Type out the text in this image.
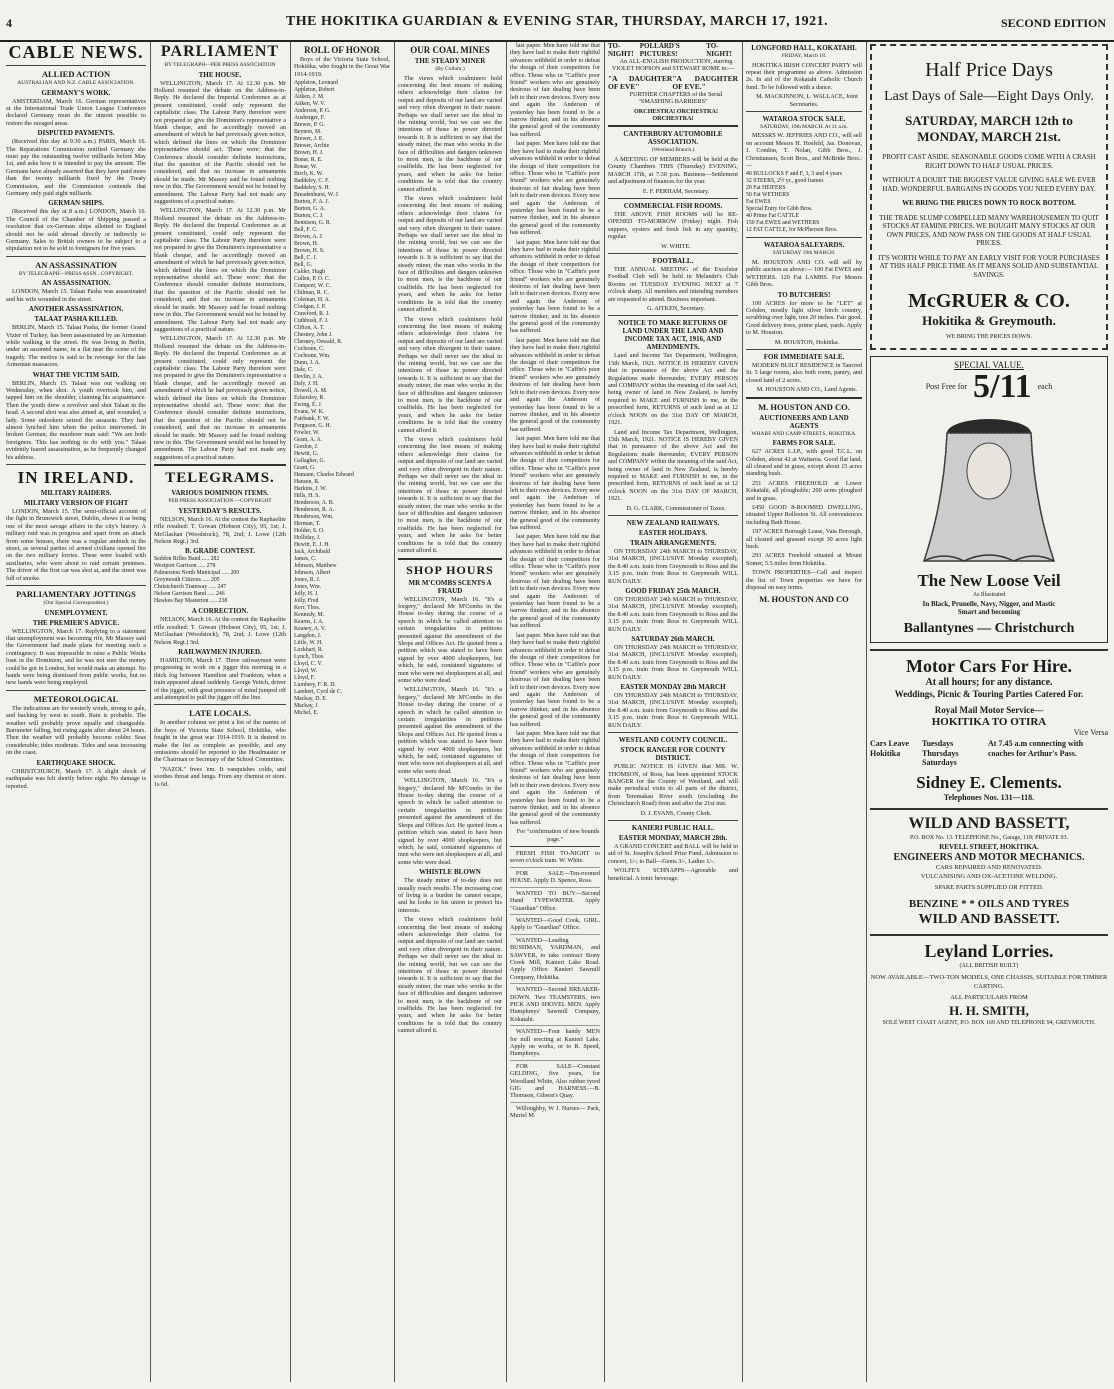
4	THE HOKITIKA GUARDIAN & EVENING STAR, THURSDAY, MARCH 17, 1921.	SECOND EDITION
CABLE NEWS.
ALLIED ACTION
AUSTRALIAN AND N.Z. CABLE ASSOCIATION.
GERMANY'S WORK.

AMSTERDAM, March 16. German representatives at the International Trade Union League Conference declared Germany must do the utmost possible to restore the ravaged areas.

DISPUTED PAYMENTS.

(Received this day at 9.30 a.m.) PARIS, March 16. The Reparations Commission notified Germany she must pay the outstanding twelve milliards before May 1st, and asks how it is intended to pay the amount. The Germans have already asserted that they have paid more than the twenty milliards fixed by the Treaty Commission, and the Commission contends that Germany only paid eight milliards.

GERMAN SHIPS.

(Received this day at 8 a.m.) LONDON, March 16. The Council of the Chamber of Shipping passed a resolution that ex-German ships allotted to England should not be sold abroad directly or indirectly to Germany. Sales to British owners to be subject to a stipulation not to be sold to foreigners for five years.

AN ASSASSINATION
BY TELEGRAPH—PRESS ASSN.. COPYRIGHT.
AN ASSASSINATION.

LONDON, March 15. Talaat Pasha was assassinated and his wife wounded in the street.

ANOTHER ASSASSINATION.
TALAAT PASHA KILLED.

BERLIN, March 15. Talaat Pasha, the former Grand Vizier of Turkey, has been assassinated by an Armenian while walking in the street. He was living in Berlin, under an assumed name, in a flat near the scene of the tragedy. The motive is said to be revenge for the late Armenian massacres.

WHAT THE VICTIM SAID.

BERLIN, March 15. Talaat was out walking on Wednesday, when shot. A youth overtook him, and tapped him on the shoulder, claiming his acquaintance. Then the youth drew a revolver and shot Talaat in the head. A second shot was also aimed at, and wounded, a lady. Some onlookers seized the assassin. They had almost lynched him when the police intervened. In broken German, the murderer man said: "We are both foreigners. This has nothing to do with you." Talaat evidently feared assassination, as he frequently changed his address.

IN IRELAND.
MILITARY RAIDERS.
MILITARY VERSION OF FIGHT

LONDON, March 15. The semi-official account of the fight in Brunswick street, Dublin, shows it as being one of the most savage affairs in the city's history. A military raid was in progress and apart from an attack from some houses, there was a regular ambush in the street, as several parties of armed civilians opened fire on the two military lorries. These were loaded with auxiliaries, who were about to raid certain premises. The driver of the first car was shot at, and the street was full of smoke.

PARLIAMENTARY JOTTINGS
(Our Special Correspondent.)
UNEMPLOYMENT.
THE PREMIER'S ADVICE.

WELLINGTON, March 17. Replying to a statement that unemployment was becoming rife, Mr Massey said the Government had made plans for meeting such a contingency. It was impossible to raise a Public Works loan in the Dominion, and he was not sure the money could be got in London, but would make an attempt. No hands were being dismissed from public works, but no new hands were being employed.

METEOROLOGICAL

The indications are for westerly winds, strong to gale, and backing by west to south. Rain is probable. The weather will probably prove squally and changeable. Barometer falling, but rising again after about 24 hours. Then the weather will probably become colder. Seas considerable; tides moderate. Tides and seas increasing on the coast.

EARTHQUAKE SHOCK.

CHRISTCHURCH, March 17. A slight shock of earthquake was felt shortly before eight. No damage is reported.

PARLIAMENT
BY TELEGRAPH—PER PRESS ASSOCIATION
THE HOUSE.

WELLINGTON, March 17. At 12.30 p.m. Mr Holland resumed the debate on the Address-in-Reply. He declared the Imperial Conference as at present constituted, could only represent the capitalistic class. The Labour Party therefore were not prepared to give the Dominion's representative a blank cheque, and he accordingly moved an amendment of which he had previously given notice, which defined the lines on which the Dominion representative should act. These were: that the Conference should consider definite instructions, that the question of the Pacific should not be considered, and that no increase in armaments should be made. Mr Massey said he found nothing new in this. The Government would not be bound by amendment. The Labour Party had not made any suggestions of a practical nature.

WELLINGTON, March 17. At 12.30 p.m. Mr Holland resumed the debate on the Address-in-Reply. He declared the Imperial Conference as at present constituted, could only represent the capitalistic class. The Labour Party therefore were not prepared to give the Dominion's representative a blank cheque, and he accordingly moved an amendment of which he had previously given notice, which defined the lines on which the Dominion representative should act. These were: that the Conference should consider definite instructions, that the question of the Pacific should not be considered, and that no increase in armaments should be made. Mr Massey said he found nothing new in this. The Government would not be bound by amendment. The Labour Party had not made any suggestions of a practical nature.

WELLINGTON, March 17. At 12.30 p.m. Mr Holland resumed the debate on the Address-in-Reply. He declared the Imperial Conference as at present constituted, could only represent the capitalistic class. The Labour Party therefore were not prepared to give the Dominion's representative a blank cheque, and he accordingly moved an amendment of which he had previously given notice, which defined the lines on which the Dominion representative should act. These were: that the Conference should consider definite instructions, that the question of the Pacific should not be considered, and that no increase in armaments should be made. Mr Massey said he found nothing new in this. The Government would not be bound by amendment. The Labour Party had not made any suggestions of a practical nature.

TELEGRAMS.
VARIOUS DOMINION ITEMS.
PER PRESS ASSOCIATION —COPYRIGHT
YESTERDAY'S RESULTS.

NELSON, March 16. At the contest the Raphaelite rifle resulted: T. Gowan (Hobson City), 95, 1st; J. McGlashan (Woodstock), 78, 2nd; J. Lowe (12th Nelson Regt.) 3rd.

B. GRADE CONTEST.
Seddon Rifles Band ..... 282
Westport Garrison ..... 278
Palmerston North Municipal ..... 209
Greymouth Citizens ..... 205
Christchurch Tramway ..... 247
Nelson Garrison Band ..... 246
Hawkes Bay Masterton ..... 238
A CORRECTION.

NELSON, March 16. At the contest the Raphaelite rifle resulted: T. Gowan (Hobson City), 95, 1st; J. McGlashan (Woodstock), 78, 2nd; J. Lowe (12th Nelson Regt.) 3rd.

RAILWAYMEN INJURED.

HAMILTON, March 17. Three railwaymen were progressing to work on a jigger this morning in a thick fog between Hamilton and Frankton, when a train appeared ahead suddenly. George Veitch, driver of the jigger, with great presence of mind jumped off and attempted to pull the jigger off the line.

LATE LOCALS.

In another column we print a list of the names of the boys of Victoria State School, Hokitika, who fought in the great war 1914-1919. It is desired to make the list as complete as possible, and any omissions should be reported to the Headmaster or the Chairman or Secretary of the School Committee.

"NAZOL" frees 'em. It vanquishes colds, and soothes throat and lungs. From any chemist or store. 1s 6d.

ROLL OF HONOR

Boys of the Victoria State School, Hokitika, who fought in the Great War 1914-1919.

Appleton, Leonard
Appleton, Robert
Aitken, J. M.
Aitken, W. V.
Anderson, P. G.
Ausberger, F.
Brewer, P. G.
Beynon, M.
Brewer, J. E.
Brewer, Archie
Brown, H. J.
Bonar, R. E.
Bonar, W.
Birch, K. W.
Baddeley, C. F.
Baddeley, S. H.
Breadenhurst, W. J.
Burton, F. A. J.
Burton, G. A.
Burton, C. J.
Bennison, G. R.
Bell, F. C.
Brown, A. J.
Brown, H.
Brown, H. S.
Bell, C. J.
Bell, G.
Calder, Hugh
Cullen, P. O. C.
Compeer, W. C.
Chilman, R. C.
Coleman, H. A.
Coolgan, J. P.
Crawford, R. J.
Cuthbush, F. J.
Clifton, A. T.
Chesney, John J.
Chesney, Oswald, R.
Cochrane, C.
Cochrane, Wm.
Dunn, J. A.
Dale, C.
Devlin, J. A.
Daly, J. H.
Dowell, A. M.
Eckersley, R.
Ewing, E. J.
Evans, W. K.
Fairbank, F. W.
Ferguson, G. H.
Fowler, W.
Grant, A. A.
Gordon, J.
Hewitt, G.
Gallagher, G.
Grant, G.
Hamann, Charles Edward
Hansen, R.
Harkins, J. W.
Hills, H. S.
Henderson, A. B.
Henderson, R. A.
Henderson, Wm.
Herman, T.
Holder, S. O.
Holliday, J.
Hewitt, E. J. H.
Jack, Archibald
James, C.
Johnson, Matthew
Johnson, Albert
Jones, R. J.
Jones, Wm.
Jolly, H. J.
Jolly, Fred
Kerr, Thos.
Kennedy, M.
Kearns, J. A.
Keaney, A. V.
Langdon, J.
Little, W. H.
Lockhart, R.
Lynch, Thos.
Lloyd, C. V.
Lloyd, W.
Lloyd, F.
Lumbery, F. R. D.
Lambert, Cyril de C.
Mackay, D. E.
Mackay, J.
Michel, E.
OUR COAL MINES
THE STEADY MINER
(By Collum.)

The views which coalminers hold concerning the best means of making others acknowledge their claims for output and deposits of our land are varied and very often divergent in their nature. Perhaps we shall never see the ideal in the mining world, but we can see the intentions of those in power directed towards it. It is sufficient to say that the steady miner, the man who works in the face of difficulties and dangers unknown to most men, is the backbone of our coalfields. He has been neglected for years, and when he asks for better conditions he is told that the country cannot afford it.

The views which coalminers hold concerning the best means of making others acknowledge their claims for output and deposits of our land are varied and very often divergent in their nature. Perhaps we shall never see the ideal in the mining world, but we can see the intentions of those in power directed towards it. It is sufficient to say that the steady miner, the man who works in the face of difficulties and dangers unknown to most men, is the backbone of our coalfields. He has been neglected for years, and when he asks for better conditions he is told that the country cannot afford it.

The views which coalminers hold concerning the best means of making others acknowledge their claims for output and deposits of our land are varied and very often divergent in their nature. Perhaps we shall never see the ideal in the mining world, but we can see the intentions of those in power directed towards it. It is sufficient to say that the steady miner, the man who works in the face of difficulties and dangers unknown to most men, is the backbone of our coalfields. He has been neglected for years, and when he asks for better conditions he is told that the country cannot afford it.

The views which coalminers hold concerning the best means of making others acknowledge their claims for output and deposits of our land are varied and very often divergent in their nature. Perhaps we shall never see the ideal in the mining world, but we can see the intentions of those in power directed towards it. It is sufficient to say that the steady miner, the man who works in the face of difficulties and dangers unknown to most men, is the backbone of our coalfields. He has been neglected for years, and when he asks for better conditions he is told that the country cannot afford it.

SHOP HOURS
MR M'COMBS SCENTS A FRAUD

WELLINGTON, March 16. "It's a forgery," declared Mr M'Combs in the House to-day during the course of a speech in which he called attention to certain irregularities in petitions presented against the amendment of the Shops and Offices Act. He quoted from a petition which was stated to have been signed by over 4000 shopkeepers, but which, he said, contained signatures of men who were not shopkeepers at all, and some who were dead.

WELLINGTON, March 16. "It's a forgery," declared Mr M'Combs in the House to-day during the course of a speech in which he called attention to certain irregularities in petitions presented against the amendment of the Shops and Offices Act. He quoted from a petition which was stated to have been signed by over 4000 shopkeepers, but which, he said, contained signatures of men who were not shopkeepers at all, and some who were dead.

WELLINGTON, March 16. "It's a forgery," declared Mr M'Combs in the House to-day during the course of a speech in which he called attention to certain irregularities in petitions presented against the amendment of the Shops and Offices Act. He quoted from a petition which was stated to have been signed by over 4000 shopkeepers, but which, he said, contained signatures of men who were not shopkeepers at all, and some who were dead.

WHISTLE BLOWN

The steady miner of to-day does not usually reach results. The increasing cost of living is a burden he cannot escape, and he looks to his union to protect his interests.

The views which coalminers hold concerning the best means of making others acknowledge their claims for output and deposits of our land are varied and very often divergent in their nature. Perhaps we shall never see the ideal in the mining world, but we can see the intentions of those in power directed towards it. It is sufficient to say that the steady miner, the man who works in the face of difficulties and dangers unknown to most men, is the backbone of our coalfields. He has been neglected for years, and when he asks for better conditions he is told that the country cannot afford it.

last paper. Men have told me that they have had to make their rightful advances withheld in order to defeat the design of their competitors for office. Those who in "Caffin's poor friend" workers who are genuinely desirous of fair dealing have been left to their own devices. Every now and again the Anderson of yesterday has been found to be a narrow thinker, and in his absence the general good of the community has suffered.

last paper. Men have told me that they have had to make their rightful advances withheld in order to defeat the design of their competitors for office. Those who in "Caffin's poor friend" workers who are genuinely desirous of fair dealing have been left to their own devices. Every now and again the Anderson of yesterday has been found to be a narrow thinker, and in his absence the general good of the community has suffered.

last paper. Men have told me that they have had to make their rightful advances withheld in order to defeat the design of their competitors for office. Those who in "Caffin's poor friend" workers who are genuinely desirous of fair dealing have been left to their own devices. Every now and again the Anderson of yesterday has been found to be a narrow thinker, and in his absence the general good of the community has suffered.

last paper. Men have told me that they have had to make their rightful advances withheld in order to defeat the design of their competitors for office. Those who in "Caffin's poor friend" workers who are genuinely desirous of fair dealing have been left to their own devices. Every now and again the Anderson of yesterday has been found to be a narrow thinker, and in his absence the general good of the community has suffered.

last paper. Men have told me that they have had to make their rightful advances withheld in order to defeat the design of their competitors for office. Those who in "Caffin's poor friend" workers who are genuinely desirous of fair dealing have been left to their own devices. Every now and again the Anderson of yesterday has been found to be a narrow thinker, and in his absence the general good of the community has suffered.

last paper. Men have told me that they have had to make their rightful advances withheld in order to defeat the design of their competitors for office. Those who in "Caffin's poor friend" workers who are genuinely desirous of fair dealing have been left to their own devices. Every now and again the Anderson of yesterday has been found to be a narrow thinker, and in his absence the general good of the community has suffered.

last paper. Men have told me that they have had to make their rightful advances withheld in order to defeat the design of their competitors for office. Those who in "Caffin's poor friend" workers who are genuinely desirous of fair dealing have been left to their own devices. Every now and again the Anderson of yesterday has been found to be a narrow thinker, and in his absence the general good of the community has suffered.

last paper. Men have told me that they have had to make their rightful advances withheld in order to defeat the design of their competitors for office. Those who in "Caffin's poor friend" workers who are genuinely desirous of fair dealing have been left to their own devices. Every now and again the Anderson of yesterday has been found to be a narrow thinker, and in his absence the general good of the community has suffered.

For "confirmation of new bounds page."

FRESH FISH TO-NIGHT to seven o'clock train. W. White.

FOR SALE—Ten-roomed HOUSE. Apply D. Spence, Ross.

WANTED TO BUY—Second Hand TYPEWRITER. Apply "Guardian" Office.

WANTED—Good Cook, GIRL. Apply to "Guardian" Office.

WANTED—Leading BUSHMAN, YARDMAN, and SAWYER, to take contract Stony Creek Mill, Kanieri Lake Road. Apply Office Kanieri Sawmill Company, Hokitika.

WANTED—Second BREAKER-DOWN. Two TEAMSTERS, two PICK AND SHOVEL MEN. Apply Humphreys' Sawmill Company, Kokatahi.

WANTED—Four handy MEN for mill erecting at Kanieri Lake. Apply on works, or to R. Speed, Humphreys.

FOR SALE—Constant GELDING, five years, for Woodland White, Also rubber tyred GIG and HARNESS.—B. Thomson, Gibson's Quay.

Willoughby, W J. Nurses— Park, Muriel M.

TO-NIGHT!
POLLARD'S PICTURES!
TO-NIGHT!

An ALL-ENGLISH PRODUCTION, starring VIOLET HOPSON and STEWART ROME in:—

"A DAUGHTER OF EVE"
"A DAUGHTER OF EVE."

FURTHER CHAPTERS of the Serial "SMASHING BARRIERS"

ORCHESTRA! ORCHESTRA! ORCHESTRA!

CANTERBURY AUTOMOBILE ASSOCIATION.
(Westland Branch.)

A MEETING OF MEMBERS will be held at the County Chambers THIS (Thursday) EVENING, MARCH 17th, at 7.30 p.m. Business—Settlement and adjustment of finances for the year.

E. F. PERHAM, Secretary.

COMMERCIAL FISH ROOMS.

THE ABOVE FISH ROOMS will be RE-OPENED TO-MORROW (Friday) night. Fish suppers, oysters and fresh fish in any quantity, regular.

W. WHITE.

FOOTBALL.

THE ANNUAL MEETING of the Excelsior Football Club will be held in Melandri's Club Rooms on TUESDAY EVENING NEXT at 7 o'clock sharp. All members and intending members are requested to attend. Business important.

G. AITKEN, Secretary.

NOTICE TO MAKE RETURNS OF LAND UNDER THE LAND AND INCOME TAX ACT, 1916, AND AMENDMENTS.

Land and Income Tax Department, Wellington, 15th March, 1921. NOTICE IS HEREBY GIVEN that in pursuance of the above Act and the Regulations made thereunder, EVERY PERSON and COMPANY within the meaning of the said Act, being owner of land in New Zealand, is hereby required to MAKE and FURNISH to me, in the prescribed form, RETURNS of such land as at 12 o'clock NOON on the 31st DAY OF MARCH, 1921.

Land and Income Tax Department, Wellington, 15th March, 1921. NOTICE IS HEREBY GIVEN that in pursuance of the above Act and the Regulations made thereunder, EVERY PERSON and COMPANY within the meaning of the said Act, being owner of land in New Zealand, is hereby required to MAKE and FURNISH to me, in the prescribed form, RETURNS of such land as at 12 o'clock NOON on the 31st DAY OF MARCH, 1921.

D. G. CLARK, Commissioner of Taxes.

NEW ZEALAND RAILWAYS.
EASTER HOLIDAYS.
TRAIN ARRANGEMENTS.

ON THURSDAY 24th MARCH to THURSDAY, 31st MARCH, (INCLUSIVE Monday excepted), the 8.40 a.m. train from Greymouth to Ross and the 3.15 p.m. train from Ross to Greymouth WILL RUN DAILY.

GOOD FRIDAY 25th MARCH.

ON THURSDAY 24th MARCH to THURSDAY, 31st MARCH, (INCLUSIVE Monday excepted), the 8.40 a.m. train from Greymouth to Ross and the 3.15 p.m. train from Ross to Greymouth WILL RUN DAILY.

SATURDAY 26th MARCH.

ON THURSDAY 24th MARCH to THURSDAY, 31st MARCH, (INCLUSIVE Monday excepted), the 8.40 a.m. train from Greymouth to Ross and the 3.15 p.m. train from Ross to Greymouth WILL RUN DAILY.

EASTER MONDAY 28th MARCH

ON THURSDAY 24th MARCH to THURSDAY, 31st MARCH, (INCLUSIVE Monday excepted), the 8.40 a.m. train from Greymouth to Ross and the 3.15 p.m. train from Ross to Greymouth WILL RUN DAILY.

WESTLAND COUNTY COUNCIL.
STOCK RANGER FOR COUNTY DISTRICT.

PUBLIC NOTICE IS GIVEN that MR. W. THOMSON, of Ross, has been appointed STOCK RANGER for the County of Westland, and will make periodical visits to all parts of the district, from Teremakau River south (excluding the Christchurch Road) from and after the 21st inst.

D. J. EVANS, County Clerk.

KANIERI PUBLIC HALL.
EASTER MONDAY, MARCH 28th.

A GRAND CONCERT and BALL will be held in aid of St. Joseph's School Prize Fund. Admission to concert, 1/-; to Ball—Gents 3/-, Ladies 1/-.

WOLFE'S SCHNAPPS—Agreeable and beneficial. A tonic beverage.

LONGFORD HALL, KOKATAHI.
FRIDAY, March 18.

HOKITIKA IRISH CONCERT PARTY will repeat their programme as above. Admission 2s. In aid of the Kokatahi Catholic Church fund. To be followed with a dance.

M. MACKINNON, L. WALLACE, Joint Secretaries.

WATAROA STOCK SALE.
SATURDAY, 19th MARCH. At 11 a.m.

MESSRS W. JEFFRIES AND CO., will sell on account Messrs H. Hosfeld, Jas. Donovan, J. Condon, T. Nolan, Gibb Bros., J. Christiansen, Scott Bros., and McBride Bros.:—

40 BULLOCKS F and F, 3, 3 and 4 years
32 STEERS, 2½ yr., good frames
20 Fat HEIFERS
50 Fat WETHERS
Fat EWES
Special Entry for Gibb Bros.
40 Prime Fat CATTLE
150 Fat EWES and WETHERS
12 FAT CATTLE, for McPherson Bros.
WATAROA SALEYARDS.
SATURDAY 19th MARCH.

M. HOUSTON AND CO. will sell by public auction as above:— 100 Fat EWES and WETHERS. 120 Fat LAMBS. For Messrs Gibb Bros.

TO BUTCHERS!

100 ACRES for more to be "LET" at Cobden, mostly light silver birch country, scrubbing over light, tree 20 inches. Fair good. Good delivery trees, prime plant, yards. Apply to M. Houston.

M. HOUSTON, Hokitika.

FOR IMMEDIATE SALE.

MODERN BUILT RESIDENCE in Tancred St. 5 large rooms, also both room, pantry, and closed land of 2 acres.

M. HOUSTON AND CO., Land Agents.

M. HOUSTON AND CO.
AUCTIONEERS AND LAND AGENTS
WHARF AND CAMP STREETS, HOKITIKA.
FARMS FOR SALE.

627 ACRES L.I.P., with good T.C.L. on Cobden, about 42 at Waitaroa. Good flat land, all cleared and in grass, except about 15 acres standing bush.

251 ACRES FREEHOLD at Lower Kokatahi, all ploughable; 200 acres ploughed and in grass.

£450 GOOD 8-ROOMED DWELLING, situated Upper Rolleston St. All conveniences including Bath House.

197 ACRES Borough Lease, Vata Borough, all cleared and grassed except 30 acres light bush.

293 ACRES Freehold situated at Mount Somer, 5.5 miles from Hokitika.

TOWN PROPERTIES—Call and inspect the list of Town properties we have for disposal on easy terms.

M. HOUSTON AND CO
Half Price Days
Last Days of Sale—Eight Days Only.
SATURDAY, MARCH 12th to MONDAY, MARCH 21st.
PROFIT CAST ASIDE. SEASONABLE GOODS COME WITH A CRASH RIGHT DOWN TO HALF USUAL PRICES.
WITHOUT A DOUBT THE BIGGEST VALUE GIVING SALE WE EVER HAD. WONDERFUL BARGAINS IN GOODS YOU NEED EVERY DAY.
WE BRING THE PRICES DOWN TO ROCK BOTTOM.
THE TRADE SLUMP COMPELLED MANY WAREHOUSEMEN TO QUIT STOCKS AT FAMINE PRICES. WE BOUGHT MANY STOCKS AT OUR OWN PRICES, AND NOW PASS ON THE GOODS AT HALF USUAL PRICES.
IT'S WORTH WHILE TO PAY AN EARLY VISIT FOR YOUR PURCHASES AT THIS HALF PRICE TIME AS IT MEANS SOLID AND SUBSTANTIAL SAVINGS.
McGRUER & CO.
Hokitika & Greymouth.
WE BRING THE PRICES DOWN.
SPECIAL VALUE.
Post Free for 5/11 each
The New Loose Veil
As Illustrated
In Black, Prunelle, Navy, Nigger, and Mastic
Smart and becoming
Ballantynes — Christchurch
Motor Cars For Hire.
At all hours; for any distance.
Weddings, Picnic & Touring Parties Catered For.
Royal Mail Motor Service—
HOKITIKA TO OTIRA
Vice Versa
Cars Leave Hokitika
Tuesdays Thursdays Saturdays
At 7.45 a.m connecting with coaches for Arthur's Pass.
Sidney E. Clements.
Telephones Nos. 131—118.
WILD AND BASSETT,
P.O. BOX No. 13. TELEPHONE No., Garage, 118; PRIVATE 93.
REVELL STREET, HOKITIKA.
ENGINEERS AND MOTOR MECHANICS.
CARS REPAIRED AND RENOVATED.
VULCANISING AND OX-ACETONE WELDING.
SPARE PARTS SUPPLIED OR FITTED.
BENZINE * * OILS AND TYRES
WILD AND BASSETT.
Leyland Lorries.
(ALL BRITISH BUILT)
NOW AVAILABLE—TWO-TON MODELS, ONE CHASSIS, SUITABLE FOR TIMBER CARTING.
ALL PARTICULARS FROM
H. H. SMITH,
SOLE WEST COAST AGENT, P.O. BOX 169 AND TELEPHONE 94, GREYMOUTH.
